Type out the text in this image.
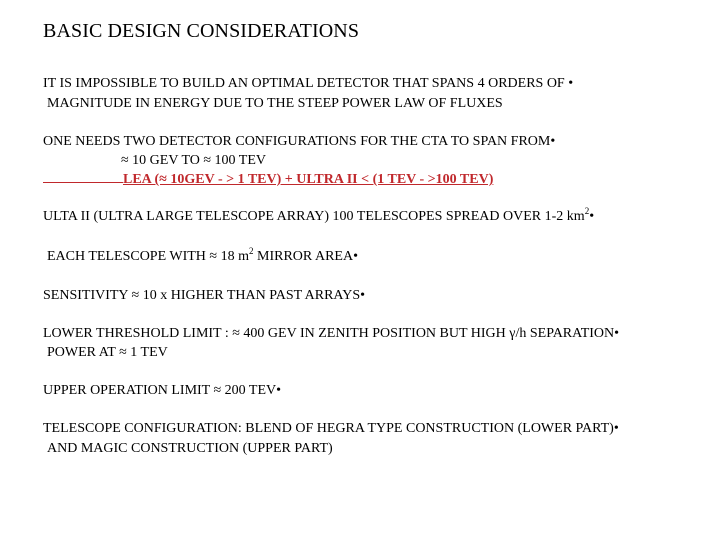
BASIC DESIGN CONSIDERATIONS
IT IS IMPOSSIBLE TO BUILD AN OPTIMAL DETECTOR THAT SPANS 4 ORDERS OF •
MAGNITUDE IN ENERGY DUE TO THE STEEP POWER LAW OF FLUXES
ONE NEEDS TWO DETECTOR CONFIGURATIONS FOR THE CTA TO SPAN FROM•
≈ 10 GEV TO ≈ 100 TEV
LEA (≈ 10GEV - > 1 TEV) + ULTRA II < (1 TEV - >100 TEV)
ULTA II (ULTRA LARGE TELESCOPE ARRAY) 100 TELESCOPES SPREAD OVER 1-2 $km^2•$
EACH TELESCOPE WITH ≈ 18 $m^2$ MIRROR AREA•
SENSITIVITY ≈ 10 x HIGHER THAN PAST ARRAYS•
LOWER THRESHOLD LIMIT : ≈ 400 GEV IN ZENITH POSITION BUT HIGH γ/h SEPARATION•
POWER AT ≈ 1 TEV
UPPER OPERATION LIMIT ≈ 200 TEV•
TELESCOPE CONFIGURATION: BLEND OF HEGRA TYPE CONSTRUCTION (LOWER PART)•
AND MAGIC CONSTRUCTION (UPPER PART)
